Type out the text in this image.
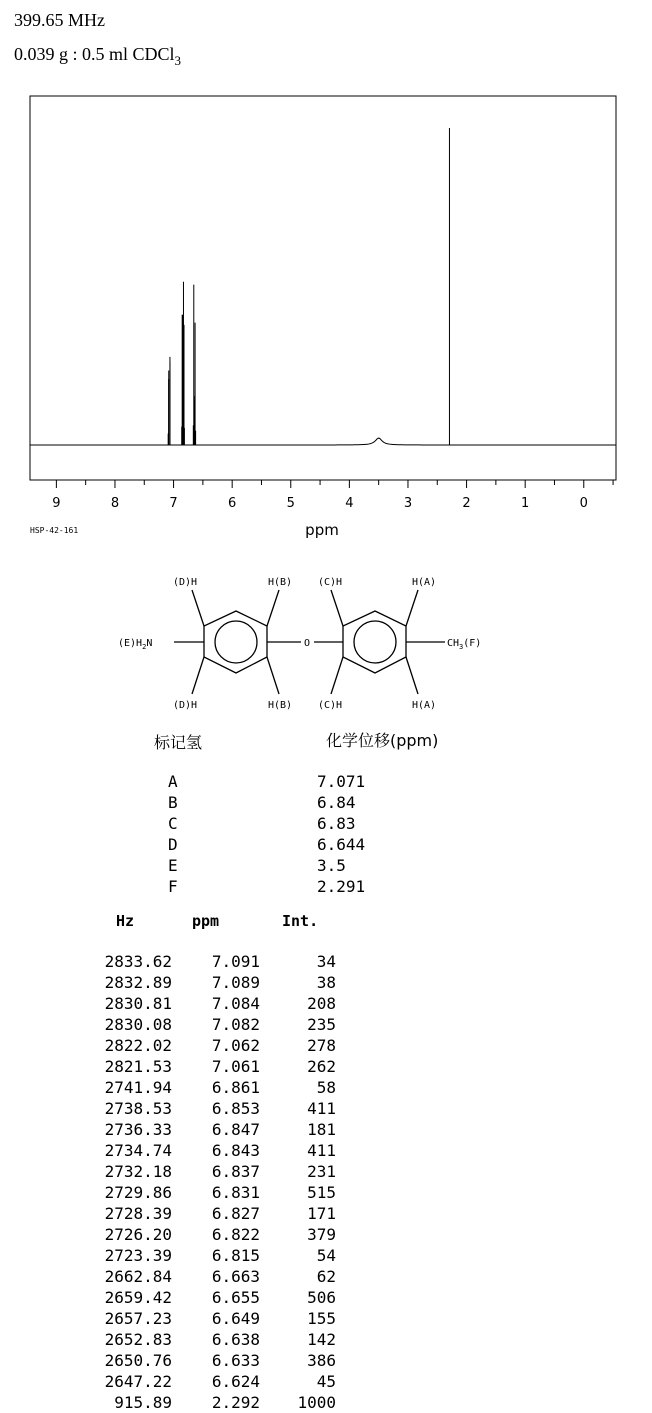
399.65 MHz
0.039 g : 0.5 ml CDCl$_3$
9	8	7	6	5	4	3	2	1	0
ppm
HSP-42-161
(D)H	H(B)	(C)H	H(A)
(D)H	H(B)	(C)H	H(A)
$(E)H_2N$	O	$CH_3(F)$
标记氢	化学位移(ppm)
A	7.071
B	6.84
C	6.83
D	6.644
E	3.5
F	2.291
Hz	ppm	Int.
2833.62	7.091	34
2832.89	7.089	38
2830.81	7.084	208
2830.08	7.082	235
2822.02	7.062	278
2821.53	7.061	262
2741.94	6.861	58
2738.53	6.853	411
2736.33	6.847	181
2734.74	6.843	411
2732.18	6.837	231
2729.86	6.831	515
2728.39	6.827	171
2726.20	6.822	379
2723.39	6.815	54
2662.84	6.663	62
2659.42	6.655	506
2657.23	6.649	155
2652.83	6.638	142
2650.76	6.633	386
2647.22	6.624	45
915.89	2.292	1000
